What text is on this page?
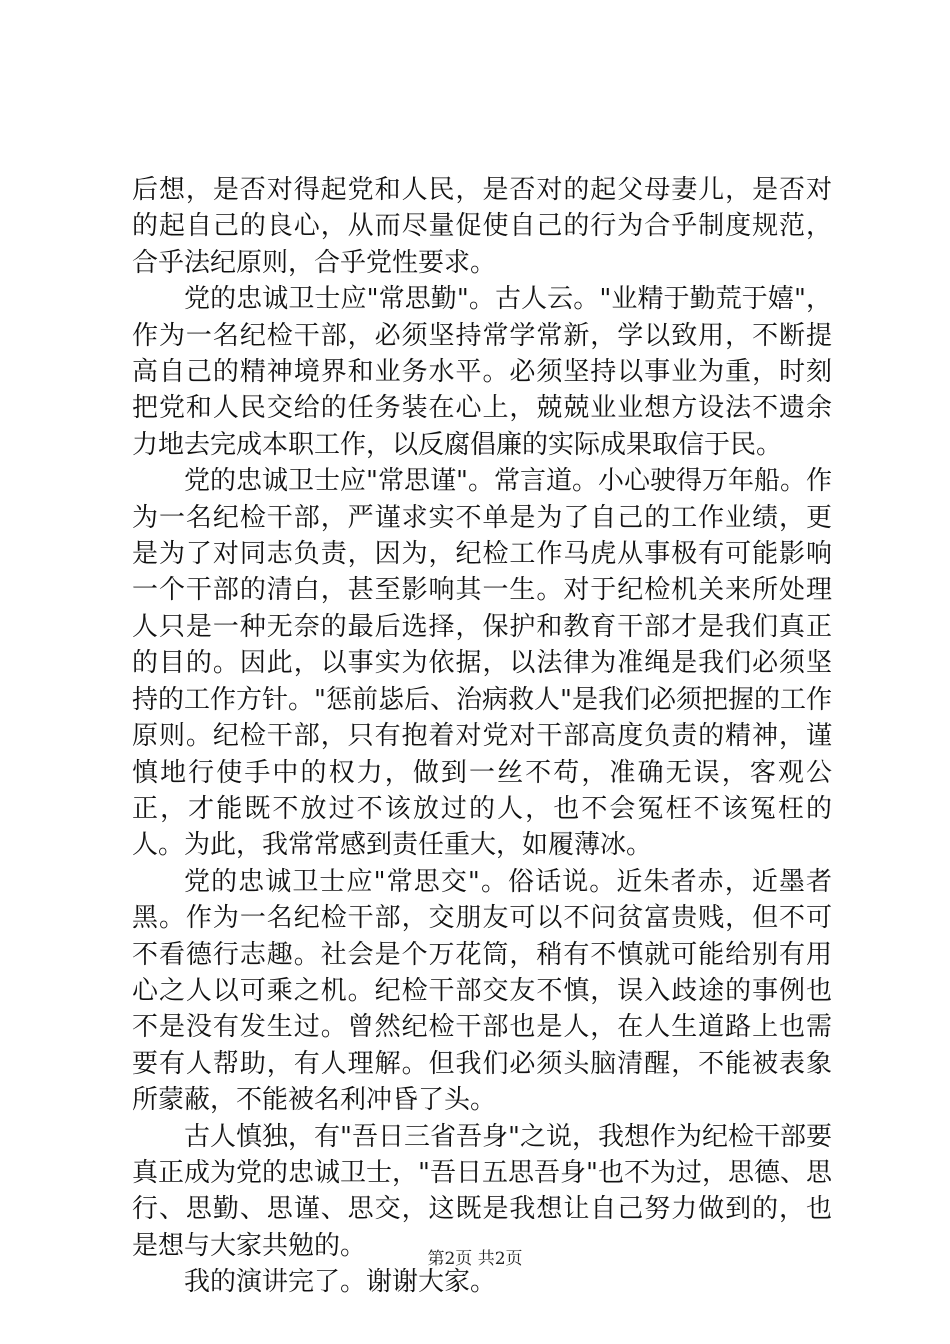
后想，是否对得起党和人民，是否对的起父母妻儿，是否对的起自己的良心，从而尽量促使自己的行为合乎制度规范，合乎法纪原则，合乎党性要求。

党的忠诚卫士应"常思勤"。古人云。"业精于勤荒于嬉"，作为一名纪检干部，必须坚持常学常新，学以致用，不断提高自己的精神境界和业务水平。必须坚持以事业为重，时刻把党和人民交给的任务装在心上，兢兢业业想方设法不遗余力地去完成本职工作，以反腐倡廉的实际成果取信于民。

党的忠诚卫士应"常思谨"。常言道。小心驶得万年船。作为一名纪检干部，严谨求实不单是为了自己的工作业绩，更是为了对同志负责，因为，纪检工作马虎从事极有可能影响一个干部的清白，甚至影响其一生。对于纪检机关来所处理人只是一种无奈的最后选择，保护和教育干部才是我们真正的目的。因此，以事实为依据，以法律为准绳是我们必须坚持的工作方针。"惩前毖后、治病救人"是我们必须把握的工作原则。纪检干部，只有抱着对党对干部高度负责的精神，谨慎地行使手中的权力，做到一丝不苟，准确无误，客观公正，才能既不放过不该放过的人，也不会冤枉不该冤枉的人。为此，我常常感到责任重大，如履薄冰。

党的忠诚卫士应"常思交"。俗话说。近朱者赤，近墨者黑。作为一名纪检干部，交朋友可以不问贫富贵贱，但不可不看德行志趣。社会是个万花筒，稍有不慎就可能给别有用心之人以可乘之机。纪检干部交友不慎，误入歧途的事例也不是没有发生过。曾然纪检干部也是人，在人生道路上也需要有人帮助，有人理解。但我们必须头脑清醒，不能被表象所蒙蔽，不能被名利冲昏了头。

古人慎独，有"吾日三省吾身"之说，我想作为纪检干部要真正成为党的忠诚卫士，"吾日五思吾身"也不为过，思德、思行、思勤、思谨、思交，这既是我想让自己努力做到的，也是想与大家共勉的。

我的演讲完了。谢谢大家。

第2页 共2页
